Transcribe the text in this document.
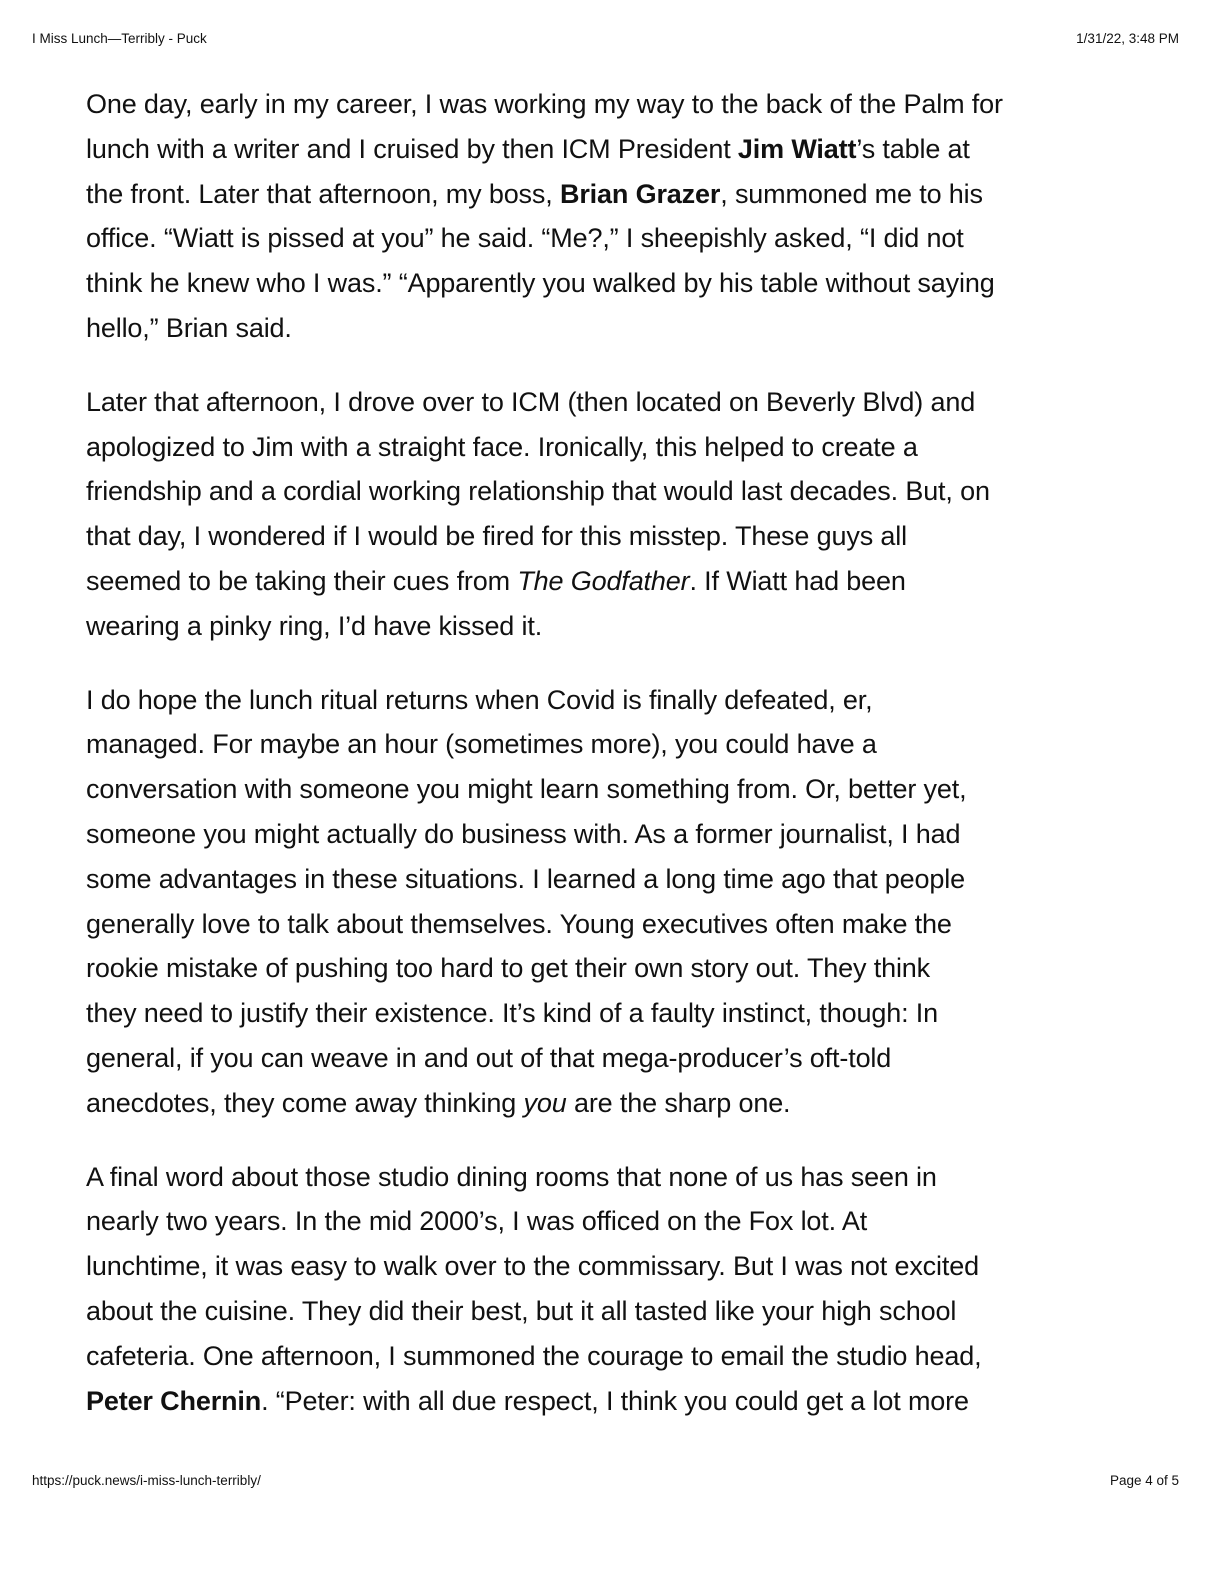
I Miss Lunch—Terribly - Puck	1/31/22, 3:48 PM

One day, early in my career, I was working my way to the back of the Palm for
lunch with a writer and I cruised by then ICM President Jim Wiatt’s table at
the front. Later that afternoon, my boss, Brian Grazer, summoned me to his
office. “Wiatt is pissed at you” he said. “Me?,” I sheepishly asked, “I did not
think he knew who I was.” “Apparently you walked by his table without saying
hello,” Brian said.

Later that afternoon, I drove over to ICM (then located on Beverly Blvd) and
apologized to Jim with a straight face. Ironically, this helped to create a
friendship and a cordial working relationship that would last decades. But, on
that day, I wondered if I would be fired for this misstep. These guys all
seemed to be taking their cues from The Godfather. If Wiatt had been
wearing a pinky ring, I’d have kissed it.

I do hope the lunch ritual returns when Covid is finally defeated, er,
managed. For maybe an hour (sometimes more), you could have a
conversation with someone you might learn something from. Or, better yet,
someone you might actually do business with. As a former journalist, I had
some advantages in these situations. I learned a long time ago that people
generally love to talk about themselves. Young executives often make the
rookie mistake of pushing too hard to get their own story out. They think
they need to justify their existence. It’s kind of a faulty instinct, though: In
general, if you can weave in and out of that mega-producer’s oft-told
anecdotes, they come away thinking you are the sharp one.

A final word about those studio dining rooms that none of us has seen in
nearly two years. In the mid 2000’s, I was officed on the Fox lot. At
lunchtime, it was easy to walk over to the commissary. But I was not excited
about the cuisine. They did their best, but it all tasted like your high school
cafeteria. One afternoon, I summoned the courage to email the studio head,
Peter Chernin. “Peter: with all due respect, I think you could get a lot more

https://puck.news/i-miss-lunch-terribly/	Page 4 of 5
